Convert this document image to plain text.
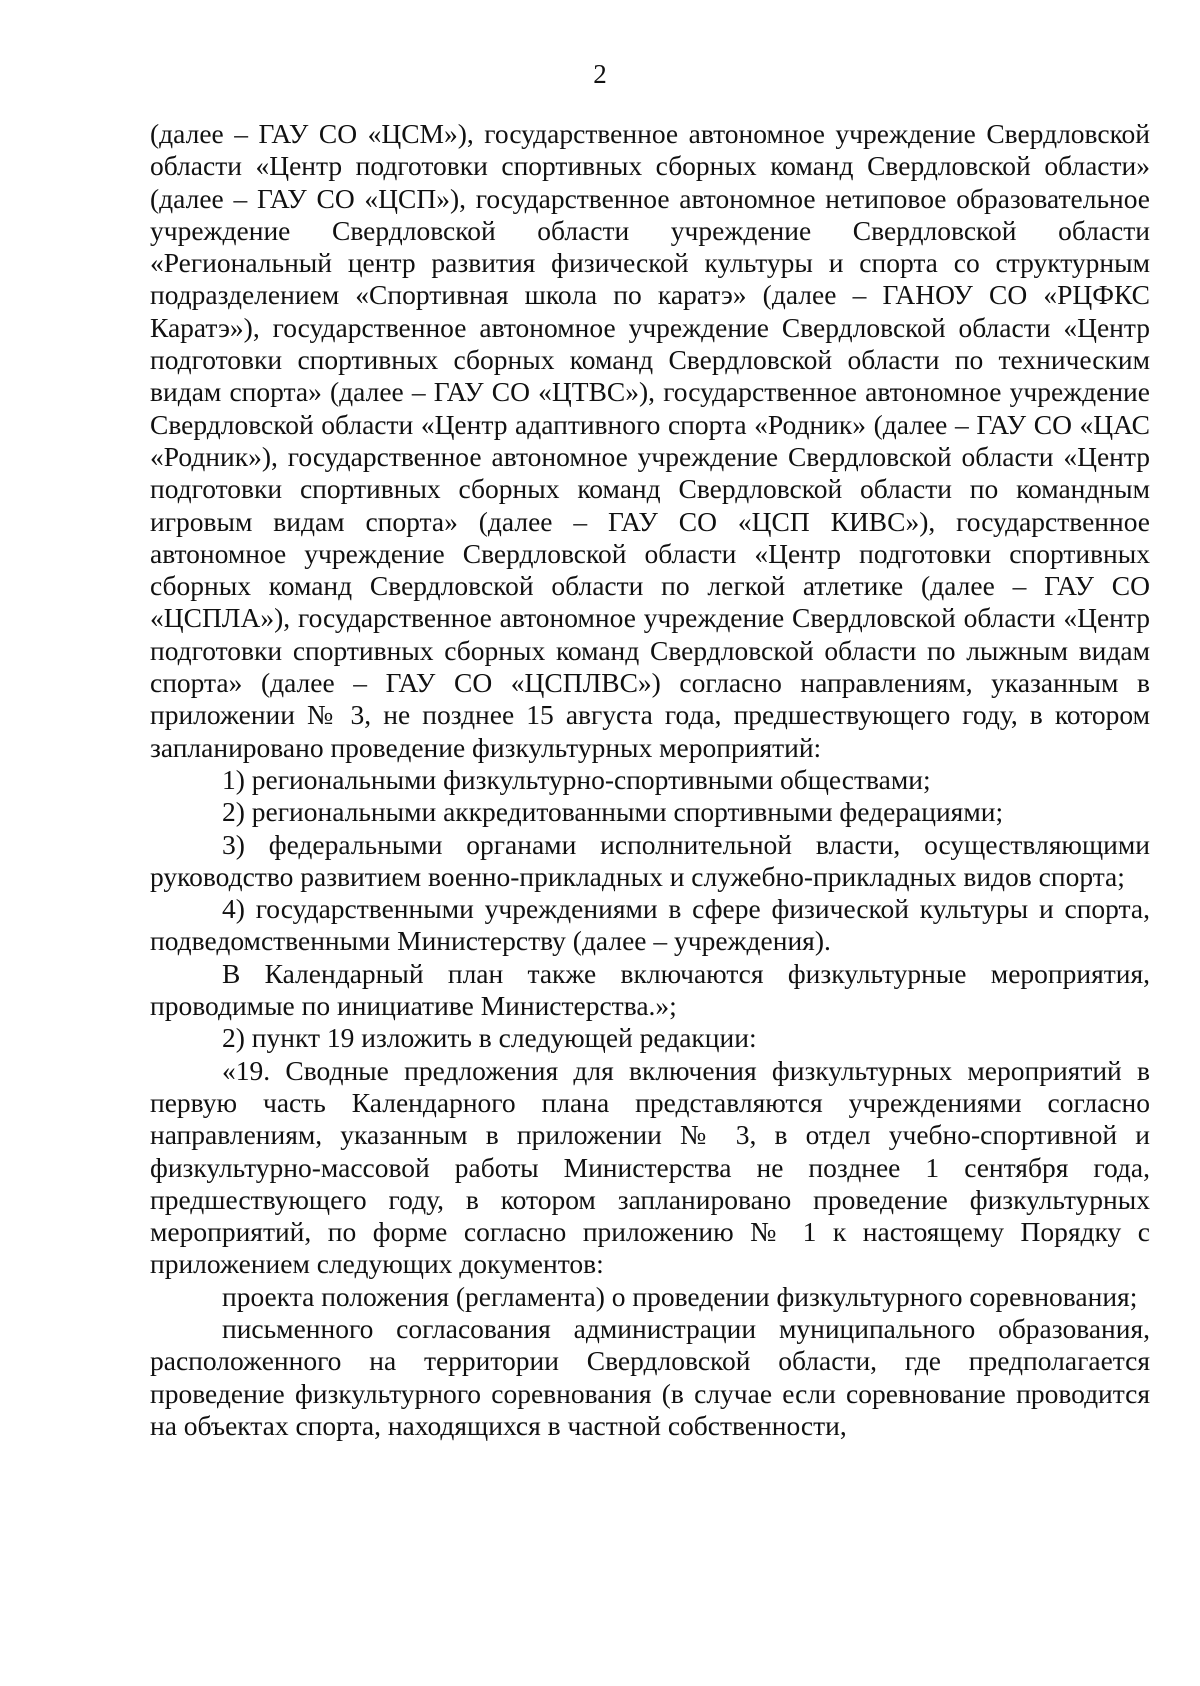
2

(далее – ГАУ СО «ЦСМ»), государственное автономное учреждение Свердловской области «Центр подготовки спортивных сборных команд Свердловской области» (далее – ГАУ СО «ЦСП»), государственное автономное нетиповое образовательное учреждение Свердловской области учреждение Свердловской области «Региональный центр развития физической культуры и спорта со структурным подразделением «Спортивная школа по каратэ» (далее – ГАНОУ СО «РЦФКС Каратэ»), государственное автономное учреждение Свердловской области «Центр подготовки спортивных сборных команд Свердловской области по техническим видам спорта» (далее – ГАУ СО «ЦТВС»), государственное автономное учреждение Свердловской области «Центр адаптивного спорта «Родник» (далее – ГАУ СО «ЦАС «Родник»), государственное автономное учреждение Свердловской области «Центр подготовки спортивных сборных команд Свердловской области по командным игровым видам спорта» (далее – ГАУ СО «ЦСП КИВС»), государственное автономное учреждение Свердловской области «Центр подготовки спортивных сборных команд Свердловской области по легкой атлетике (далее – ГАУ СО «ЦСПЛА»), государственное автономное учреждение Свердловской области «Центр подготовки спортивных сборных команд Свердловской области по лыжным видам спорта» (далее – ГАУ СО «ЦСПЛВС») согласно направлениям, указанным в приложении № 3, не позднее 15 августа года, предшествующего году, в котором запланировано проведение физкультурных мероприятий:

1) региональными физкультурно-спортивными обществами;

2) региональными аккредитованными спортивными федерациями;

3) федеральными органами исполнительной власти, осуществляющими руководство развитием военно-прикладных и служебно-прикладных видов спорта;

4) государственными учреждениями в сфере физической культуры и спорта, подведомственными Министерству (далее – учреждения).

В Календарный план также включаются физкультурные мероприятия, проводимые по инициативе Министерства.»;

2) пункт 19 изложить в следующей редакции:

«19. Сводные предложения для включения физкультурных мероприятий в первую часть Календарного плана представляются учреждениями согласно направлениям, указанным в приложении № 3, в отдел учебно-спортивной и физкультурно-массовой работы Министерства не позднее 1 сентября года, предшествующего году, в котором запланировано проведение физкультурных мероприятий, по форме согласно приложению № 1 к настоящему Порядку с приложением следующих документов:

проекта положения (регламента) о проведении физкультурного соревнования;

письменного согласования администрации муниципального образования, расположенного на территории Свердловской области, где предполагается проведение физкультурного соревнования (в случае если соревнование проводится на объектах спорта, находящихся в частной собственности,
